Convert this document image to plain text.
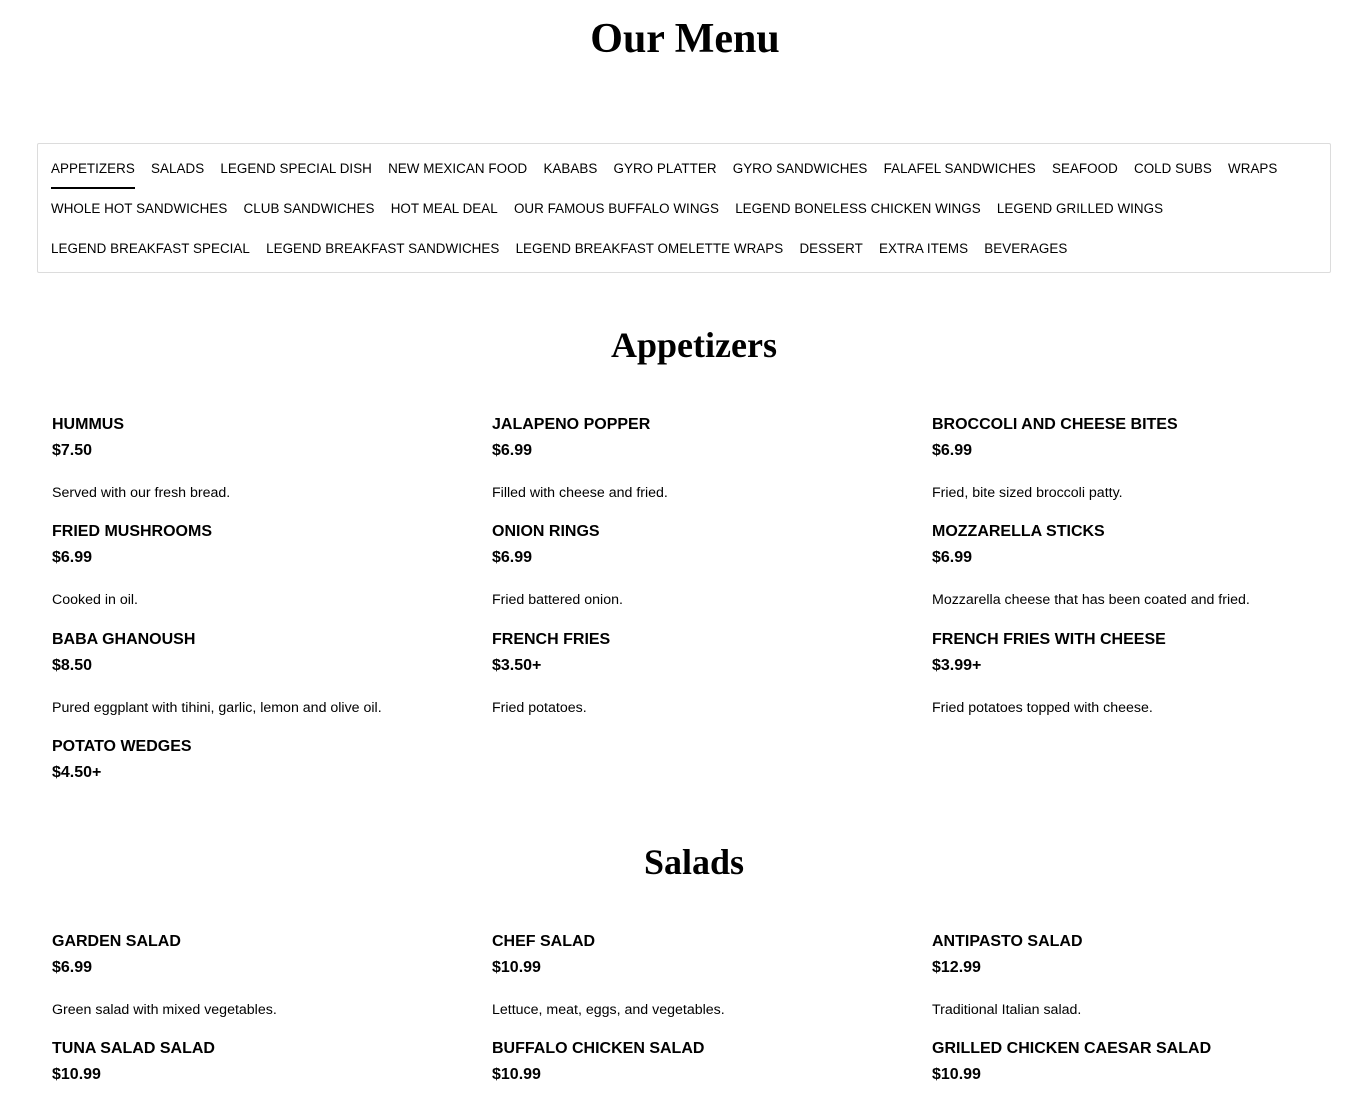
Our Menu
APPETIZERS SALADS LEGEND SPECIAL DISH NEW MEXICAN FOOD KABABS GYRO PLATTER GYRO SANDWICHES FALAFEL SANDWICHES SEAFOOD COLD SUBS WRAPS
WHOLE HOT SANDWICHES CLUB SANDWICHES HOT MEAL DEAL OUR FAMOUS BUFFALO WINGS LEGEND BONELESS CHICKEN WINGS LEGEND GRILLED WINGS
LEGEND BREAKFAST SPECIAL LEGEND BREAKFAST SANDWICHES LEGEND BREAKFAST OMELETTE WRAPS DESSERT EXTRA ITEMS BEVERAGES
Appetizers
HUMMUS
$7.50
Served with our fresh bread.
JALAPENO POPPER
$6.99
Filled with cheese and fried.
BROCCOLI AND CHEESE BITES
$6.99
Fried, bite sized broccoli patty.
FRIED MUSHROOMS
$6.99
Cooked in oil.
ONION RINGS
$6.99
Fried battered onion.
MOZZARELLA STICKS
$6.99
Mozzarella cheese that has been coated and fried.
BABA GHANOUSH
$8.50
Pured eggplant with tihini, garlic, lemon and olive oil.
FRENCH FRIES
$3.50+
Fried potatoes.
FRENCH FRIES WITH CHEESE
$3.99+
Fried potatoes topped with cheese.
POTATO WEDGES
$4.50+
Salads
GARDEN SALAD
$6.99
Green salad with mixed vegetables.
CHEF SALAD
$10.99
Lettuce, meat, eggs, and vegetables.
ANTIPASTO SALAD
$12.99
Traditional Italian salad.
TUNA SALAD SALAD
$10.99
BUFFALO CHICKEN SALAD
$10.99
GRILLED CHICKEN CAESAR SALAD
$10.99
